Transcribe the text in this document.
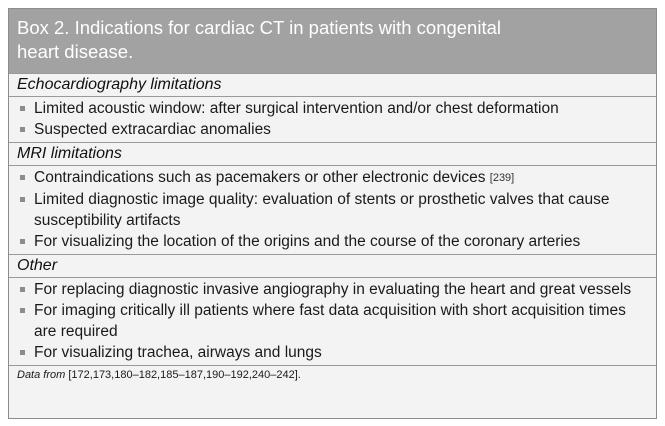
Box 2. Indications for cardiac CT in patients with congenital
heart disease.
Echocardiography limitations
Limited acoustic window: after surgical intervention and/or chest deformation
Suspected extracardiac anomalies
MRI limitations
Contraindications such as pacemakers or other electronic devices [239]
Limited diagnostic image quality: evaluation of stents or prosthetic valves that cause susceptibility artifacts
For visualizing the location of the origins and the course of the coronary arteries
Other
For replacing diagnostic invasive angiography in evaluating the heart and great vessels
For imaging critically ill patients where fast data acquisition with short acquisition times are required
For visualizing trachea, airways and lungs
Data from [172,173,180–182,185–187,190–192,240–242].
